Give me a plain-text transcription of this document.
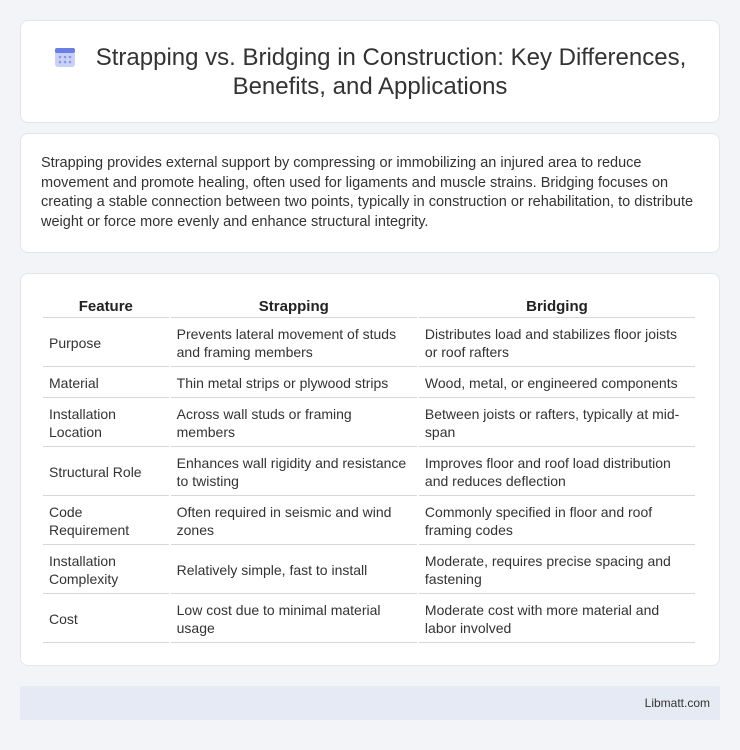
Strapping vs. Bridging in Construction: Key Differences,
Benefits, and Applications

Strapping provides external support by compressing or immobilizing an injured area to reduce movement and promote healing, often used for ligaments and muscle strains. Bridging focuses on creating a stable connection between two points, typically in construction or rehabilitation, to distribute weight or force more evenly and enhance structural integrity.

Feature	Strapping	Bridging
Purpose	Prevents lateral movement of studs and framing members	Distributes load and stabilizes floor joists or roof rafters
Material	Thin metal strips or plywood strips	Wood, metal, or engineered components
Installation Location	Across wall studs or framing members	Between joists or rafters, typically at mid-span
Structural Role	Enhances wall rigidity and resistance to twisting	Improves floor and roof load distribution and reduces deflection
Code Requirement	Often required in seismic and wind zones	Commonly specified in floor and roof framing codes
Installation Complexity	Relatively simple, fast to install	Moderate, requires precise spacing and fastening
Cost	Low cost due to minimal material usage	Moderate cost with more material and labor involved
Libmatt.com
